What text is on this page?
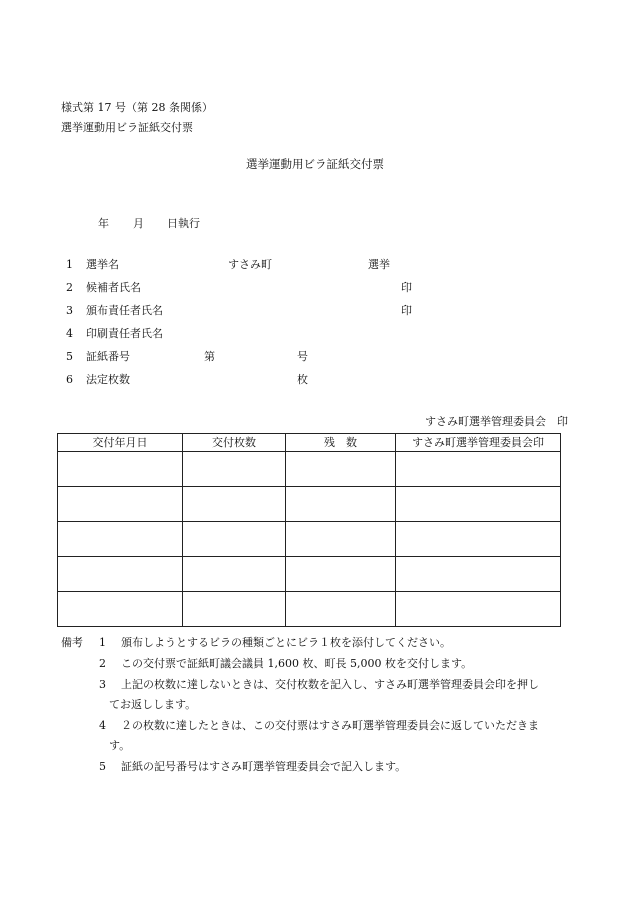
様式第 17 号（第 28 条関係）
選挙運動用ビラ証紙交付票
選挙運動用ビラ証紙交付票
年 月 日執行
1 選挙名	すさみ町	選挙
2 候補者氏名	印
3 頒布責任者氏名	印
4 印刷責任者氏名
5 証紙番号	第	号
6 法定枚数	枚
すさみ町選挙管理委員会　印
交付年月日	交付枚数	残　数	すさみ町選挙管理委員会印

備考 1 頒布しようとするビラの種類ごとにビラ１枚を添付してください。
2 この交付票で証紙町議会議員 1,600 枚、町長 5,000 枚を交付します。
3 上記の枚数に達しないときは、交付枚数を記入し、すさみ町選挙管理委員会印を押し
てお返しします。
4 ２の枚数に達したときは、この交付票はすさみ町選挙管理委員会に返していただきま
す。
5 証紙の記号番号はすさみ町選挙管理委員会で記入します。
